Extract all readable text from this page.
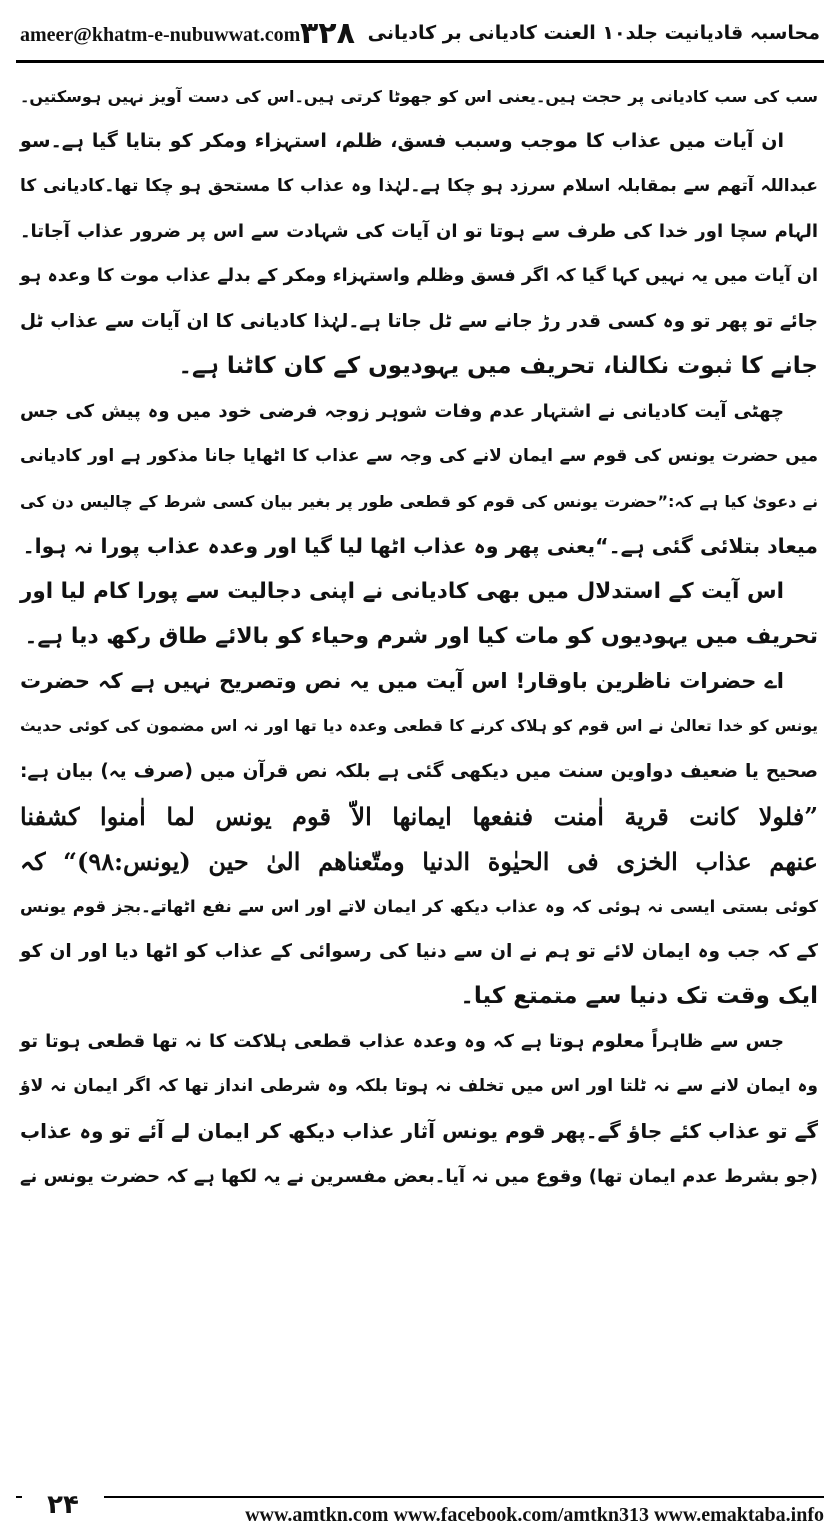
ameer@khatm-e-nubuwwat.com ۳۲۸ محاسبہ قادیانیت جلد۱۰ العنت کادیانی بر کادیانی
سب کی سب کادیانی پر حجت ہیں۔یعنی اس کو جھوٹا کرتی ہیں۔اس کی دست آویز نہیں ہوسکتیں۔
ان آیات میں عذاب کا موجب وسبب فسق، ظلم، استہزاء ومکر کو بتایا گیا ہے۔سو
عبداللہ آتھم سے بمقابلہ اسلام سرزد ہو چکا ہے۔لہٰذا وہ عذاب کا مستحق ہو چکا تھا۔کادیانی کا
الہام سچا اور خدا کی طرف سے ہوتا تو ان آیات کی شہادت سے اس پر ضرور عذاب آجاتا۔
ان آیات میں یہ نہیں کہا گیا کہ اگر فسق وظلم واستہزاء ومکر کے بدلے عذاب موت کا وعدہ ہو
جائے تو پھر تو وہ کسی قدر رڑ جانے سے ٹل جاتا ہے۔لہٰذا کادیانی کا ان آیات سے عذاب ٹل
جانے کا ثبوت نکالنا، تحریف میں یہودیوں کے کان کاٹنا ہے۔
چھٹی آیت کادیانی نے اشتہار عدم وفات شوہر زوجہ فرضی خود میں وہ پیش کی جس
میں حضرت یونس کی قوم سے ایمان لانے کی وجہ سے عذاب کا اٹھایا جانا مذکور ہے اور کادیانی
نے دعویٰ کیا ہے کہ:”حضرت یونس کی قوم کو قطعی طور پر بغیر بیان کسی شرط کے چالیس دن کی
میعاد بتلائی گئی ہے۔“یعنی پھر وہ عذاب اٹھا لیا گیا اور وعدہ عذاب پورا نہ ہوا۔
اس آیت کے استدلال میں بھی کادیانی نے اپنی دجالیت سے پورا کام لیا اور
تحریف میں یہودیوں کو مات کیا اور شرم وحیاء کو بالائے طاق رکھ دیا ہے۔
اے حضرات ناظرین باوقار! اس آیت میں یہ نص وتصریح نہیں ہے کہ حضرت
یونس کو خدا تعالیٰ نے اس قوم کو ہلاک کرنے کا قطعی وعدہ دیا تھا اور نہ اس مضمون کی کوئی حدیث
صحیح یا ضعیف دواوین سنت میں دیکھی گئی ہے بلکہ نص قرآن میں (صرف یہ) بیان ہے:
”فلولا کانت قریة اٰمنت فنفعها ایمانها الاّ قوم یونس لما اٰمنوا کشفنا
عنهم عذاب الخزی فی الحیٰوة الدنیا ومتّعناهم الیٰ حین (یونس:۹۸)“ کہ
کوئی بستی ایسی نہ ہوئی کہ وہ عذاب دیکھ کر ایمان لاتے اور اس سے نفع اٹھاتے۔بجز قوم یونس
کے کہ جب وہ ایمان لائے تو ہم نے ان سے دنیا کی رسوائی کے عذاب کو اٹھا دیا اور ان کو
ایک وقت تک دنیا سے متمتع کیا۔
جس سے ظاہراً معلوم ہوتا ہے کہ وہ وعدہ عذاب قطعی ہلاکت کا نہ تھا قطعی ہوتا تو
وہ ایمان لانے سے نہ ٹلتا اور اس میں تخلف نہ ہوتا بلکہ وہ شرطی انداز تھا کہ اگر ایمان نہ لاؤ
گے تو عذاب کئے جاؤ گے۔پھر قوم یونس آثار عذاب دیکھ کر ایمان لے آئے تو وہ عذاب
(جو بشرط عدم ایمان تھا) وقوع میں نہ آیا۔بعض مفسرین نے یہ لکھا ہے کہ حضرت یونس نے
۲۴	www.amtkn.com www.facebook.com/amtkn313 www.emaktaba.info
